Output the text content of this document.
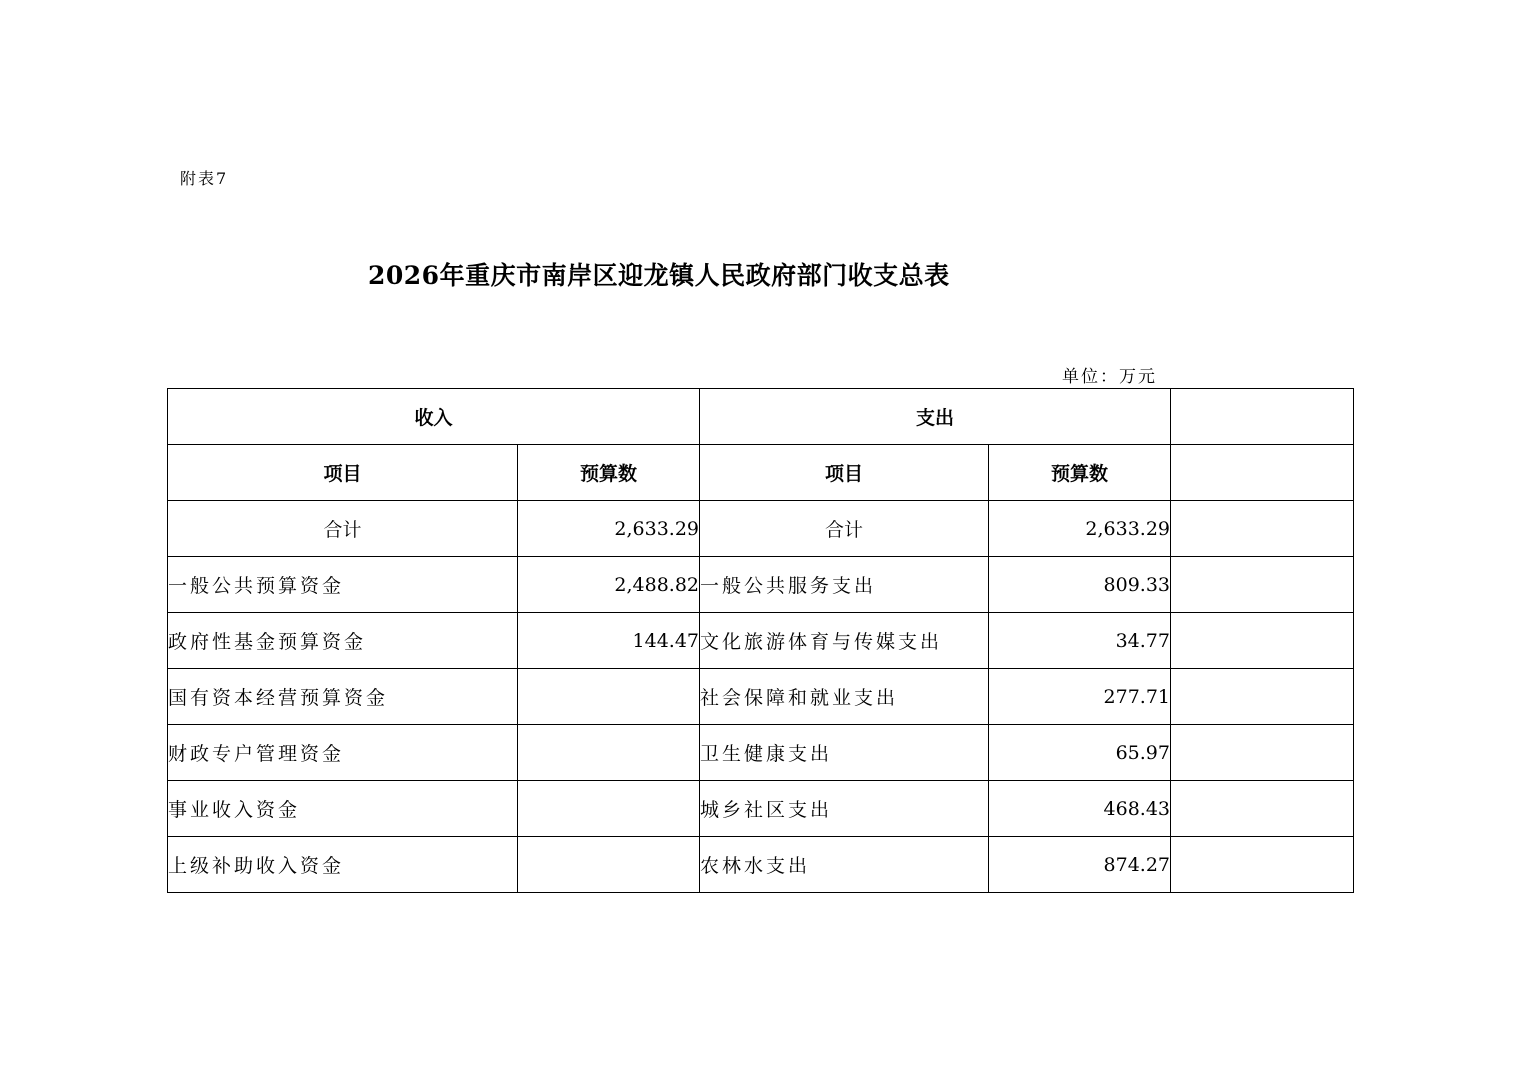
附表7
2026年重庆市南岸区迎龙镇人民政府部门收支总表
单位：万元
收入		支出		
项目	预算数	项目	预算数	
合计	2,633.29	合计	2,633.29	
一般公共预算资金	2,488.82	一般公共服务支出	809.33	
政府性基金预算资金	144.47	文化旅游体育与传媒支出	34.77	
国有资本经营预算资金		社会保障和就业支出	277.71	
财政专户管理资金		卫生健康支出	65.97	
事业收入资金		城乡社区支出	468.43	
上级补助收入资金		农林水支出	874.27	
